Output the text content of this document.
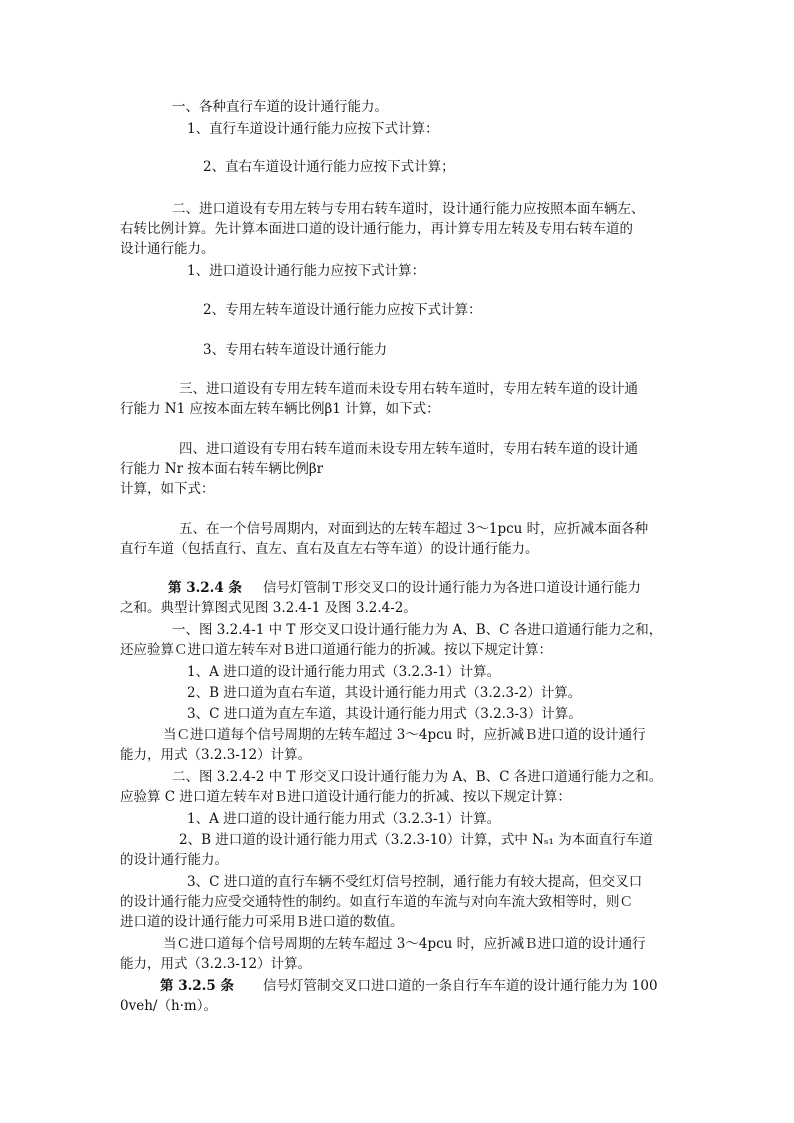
一、各种直行车道的设计通行能力。
1、直行车道设计通行能力应按下式计算：
2、直右车道设计通行能力应按下式计算；
二、进口道设有专用左转与专用右转车道时，设计通行能力应按照本面车辆左、
右转比例计算。先计算本面进口道的设计通行能力，再计算专用左转及专用右转车道的
设计通行能力。
1、进口道设计通行能力应按下式计算：
2、专用左转车道设计通行能力应按下式计算：
3、专用右转车道设计通行能力
三、进口道设有专用左转车道而未设专用右转车道时，专用左转车道的设计通
行能力 N1 应按本面左转车辆比例β1 计算，如下式：
四、进口道设有专用右转车道而未设专用左转车道时，专用右转车道的设计通
行能力 Nr 按本面右转车辆比例βr
计算，如下式：
五、在一个信号周期内，对面到达的左转车超过 3～1pcu 时，应折减本面各种
直行车道（包括直行、直左、直右及直左右等车道）的设计通行能力。
第 3.2.4 条 信号灯管制Ｔ形交叉口的设计通行能力为各进口道设计通行能力
之和。典型计算图式见图 3.2.4-1 及图 3.2.4-2。
一、图 3.2.4-1 中 T 形交叉口设计通行能力为 A、B、C 各进口道通行能力之和，
还应验算Ｃ进口道左转车对Ｂ进口道通行能力的折减。按以下规定计算：
1、A 进口道的设计通行能力用式（3.2.3-1）计算。
2、B 进口道为直右车道，其设计通行能力用式（3.2.3-2）计算。
3、C 进口道为直左车道，其设计通行能力用式（3.2.3-3）计算。
当Ｃ进口道每个信号周期的左转车超过 3～4pcu 时，应折减Ｂ进口道的设计通行
能力，用式（3.2.3-12）计算。
二、图 3.2.4-2 中 T 形交叉口设计通行能力为 A、B、C 各进口道通行能力之和。
应验算 C 进口道左转车对Ｂ进口道设计通行能力的折减、按以下规定计算：
1、A 进口道的设计通行能力用式（3.2.3-1）计算。
2、B 进口道的设计通行能力用式（3.2.3-10）计算，式中 Nₛ₁ 为本面直行车道
的设计通行能力。
3、C 进口道的直行车辆不受红灯信号控制，通行能力有较大提高，但交叉口
的设计通行能力应受交通特性的制约。如直行车道的车流与对向车流大致相等时，则Ｃ
进口道的设计通行能力可采用Ｂ进口道的数值。
当Ｃ进口道每个信号周期的左转车超过 3～4pcu 时，应折减Ｂ进口道的设计通行
能力，用式（3.2.3-12）计算。
第 3.2.5 条 信号灯管制交叉口进口道的一条自行车车道的设计通行能力为 100
0veh/（h·m）。
